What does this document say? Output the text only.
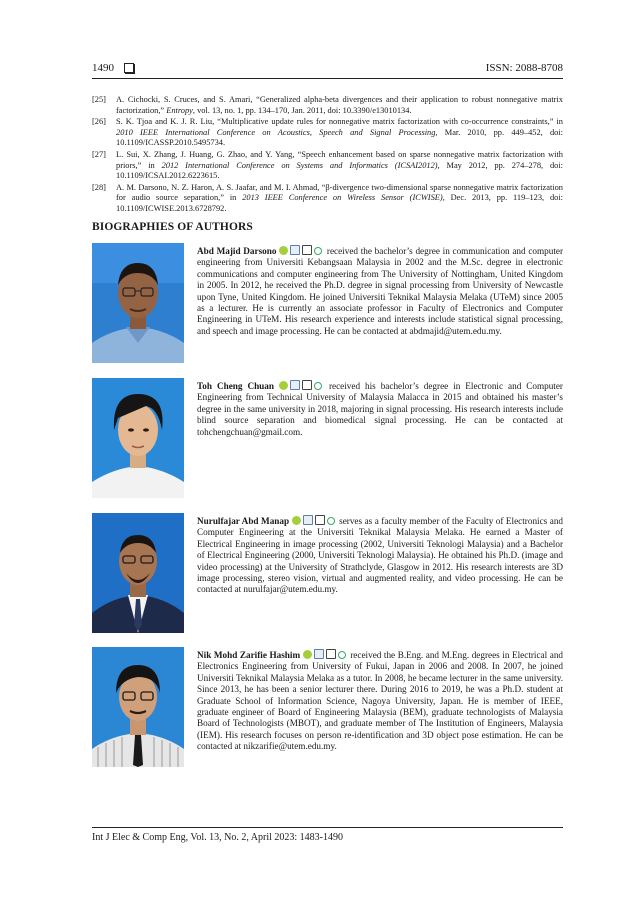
1490	ISSN: 2088-8708
[25] A. Cichocki, S. Cruces, and S. Amari, “Generalized alpha-beta divergences and their application to robust nonnegative matrix factorization,” Entropy, vol. 13, no. 1, pp. 134–170, Jan. 2011, doi: 10.3390/e13010134.
[26] S. K. Tjoa and K. J. R. Liu, “Multiplicative update rules for nonnegative matrix factorization with co-occurrence constraints,” in 2010 IEEE International Conference on Acoustics, Speech and Signal Processing, Mar. 2010, pp. 449–452, doi: 10.1109/ICASSP.2010.5495734.
[27] L. Sui, X. Zhang, J. Huang, G. Zhao, and Y. Yang, “Speech enhancement based on sparse nonnegative matrix factorization with priors,” in 2012 International Conference on Systems and Informatics (ICSAI2012), May 2012, pp. 274–278, doi: 10.1109/ICSAI.2012.6223615.
[28] A. M. Darsono, N. Z. Haron, A. S. Jaafar, and M. I. Ahmad, “β-divergence two-dimensional sparse nonnegative matrix factorization for audio source separation,” in 2013 IEEE Conference on Wireless Sensor (ICWISE), Dec. 2013, pp. 119–123, doi: 10.1109/ICWISE.2013.6728792.
BIOGRAPHIES OF AUTHORS
Abd Majid Darsono	received the bachelor’s degree in communication and computer engineering from Universiti Kebangsaan Malaysia in 2002 and the M.Sc. degree in electronic communications and computer engineering from The University of Nottingham, United Kingdom in 2005. In 2012, he received the Ph.D. degree in signal processing from University of Newcastle upon Tyne, United Kingdom. He joined Universiti Teknikal Malaysia Melaka (UTeM) since 2005 as a lecturer. He is currently an associate professor in Faculty of Electronics and Computer Engineering in UTeM. His research experience and interests include statistical signal processing, and speech and image processing. He can be contacted at abdmajid@utem.edu.my.
Toh Cheng Chuan	received his bachelor’s degree in Electronic and Computer Engineering from Technical University of Malaysia Malacca in 2015 and obtained his master’s degree in the same university in 2018, majoring in signal processing. His research interests include blind source separation and biomedical signal processing. He can be contacted at tohchengchuan@gmail.com.
Nurulfajar Abd Manap	serves as a faculty member of the Faculty of Electronics and Computer Engineering at the Universiti Teknikal Malaysia Melaka. He earned a Master of Electrical Engineering in image processing (2002, Universiti Teknologi Malaysia) and a Bachelor of Electrical Engineering (2000, Universiti Teknologi Malaysia). He obtained his Ph.D. (image and video processing) at the University of Strathclyde, Glasgow in 2012. His research interests are 3D image processing, stereo vision, virtual and augmented reality, and video processing. He can be contacted at nurulfajar@utem.edu.my.
Nik Mohd Zarifie Hashim	received the B.Eng. and M.Eng. degrees in Electrical and Electronics Engineering from University of Fukui, Japan in 2006 and 2008. In 2007, he joined Universiti Teknikal Malaysia Melaka as a tutor. In 2008, he became lecturer in the same university. Since 2013, he has been a senior lecturer there. During 2016 to 2019, he was a Ph.D. student at Graduate School of Information Science, Nagoya University, Japan. He is member of IEEE, graduate engineer of Board of Engineering Malaysia (BEM), graduate technologists of Malaysia Board of Technologists (MBOT), and graduate member of The Institution of Engineers, Malaysia (IEM). His research focuses on person re-identification and 3D object pose estimation. He can be contacted at nikzarifie@utem.edu.my.
Int J Elec & Comp Eng, Vol. 13, No. 2, April 2023: 1483-1490
